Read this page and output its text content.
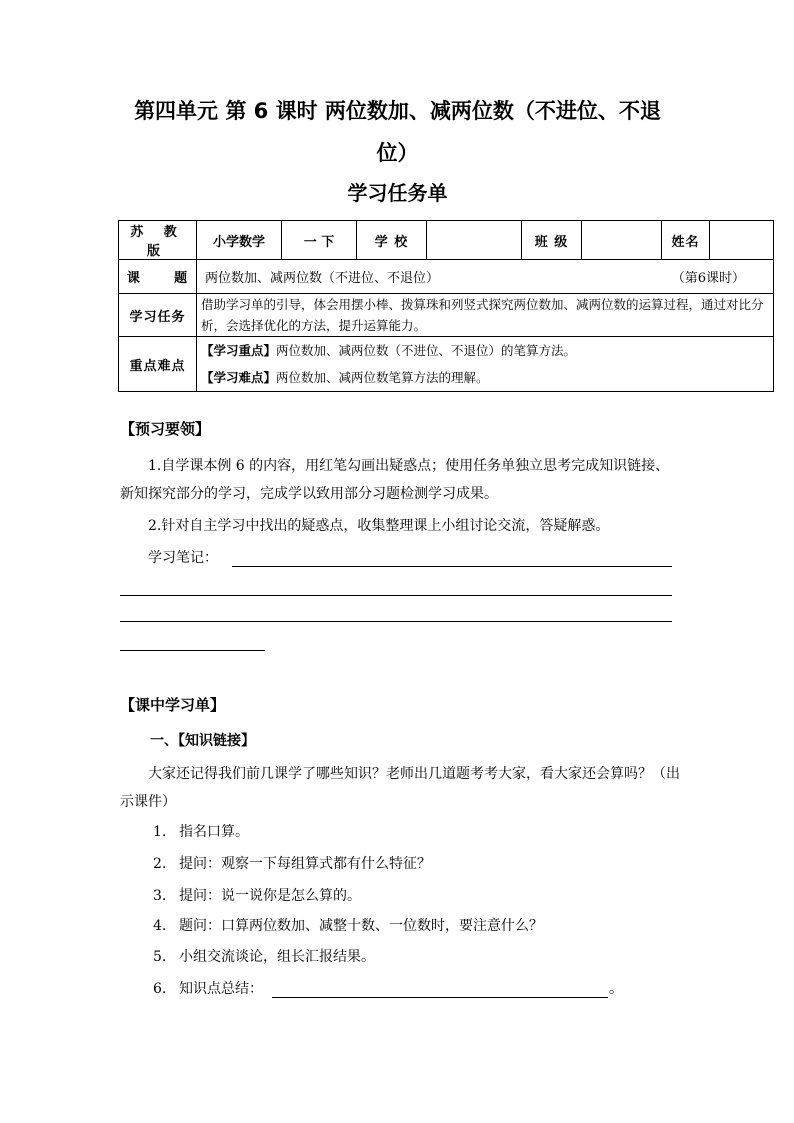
第四单元 第 6 课时 两位数加、减两位数（不进位、不退
位）
学习任务单
苏 教 版	小学数学	一 下	学 校		班 级		姓名	
课      题	两位数加、减两位数（不进位、不退位） （第6课时）							

学习任务	借助学习单的引导，体会用摆小棒、拨算珠和列竖式探究两位数加、减两位数的运算过程，通过对比分析，会选择优化的方法，提升运算能力。							
重点难点	【学习重点】两位数加、减两位数（不进位、不退位）的笔算方法。
【学习难点】两位数加、减两位数笔算方法的理解。							
【预习要领】
1.自学课本例 6 的内容，用红笔勾画出疑惑点；使用任务单独立思考完成知识链接、新知探究部分的学习，完成学以致用部分习题检测学习成果。
2.针对自主学习中找出的疑惑点，收集整理课上小组讨论交流，答疑解惑。
学习笔记：
【课中学习单】
一、【知识链接】
大家还记得我们前几课学了哪些知识？老师出几道题考考大家，看大家还会算吗？（出示课件）
1. 指名口算。
2. 提问：观察一下每组算式都有什么特征？
3. 提问：说一说你是怎么算的。
4. 题问：口算两位数加、减整十数、一位数时，要注意什么？
5. 小组交流谈论，组长汇报结果。
6. 知识点总结：	。
